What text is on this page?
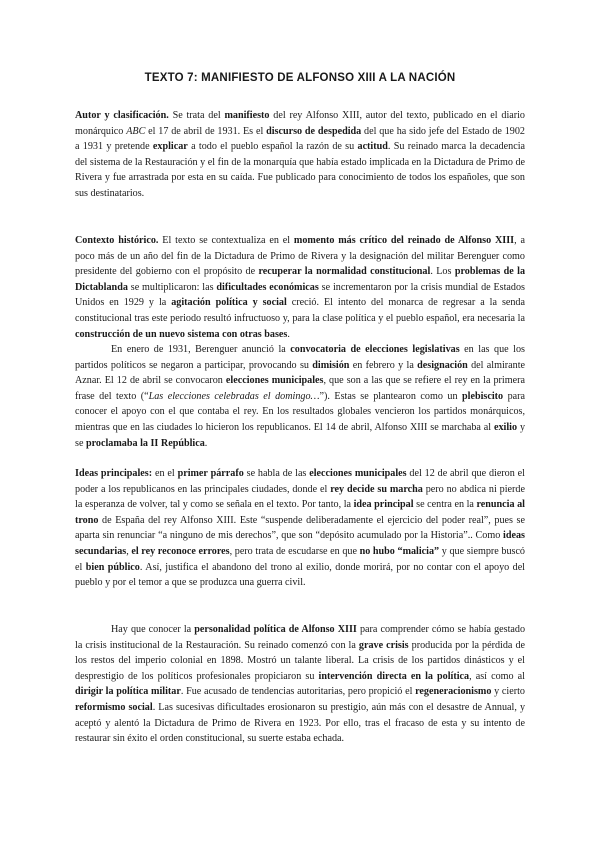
TEXTO 7: MANIFIESTO DE ALFONSO XIII A LA NACIÓN

Autor y clasificación. Se trata del manifiesto del rey Alfonso XIII, autor del texto, publicado en el diario monárquico ABC el 17 de abril de 1931. Es el discurso de despedida del que ha sido jefe del Estado de 1902 a 1931 y pretende explicar a todo el pueblo español la razón de su actitud. Su reinado marca la decadencia del sistema de la Restauración y el fin de la monarquía que había estado implicada en la Dictadura de Primo de Rivera y fue arrastrada por esta en su caída. Fue publicado para conocimiento de todos los españoles, que son sus destinatarios.

Contexto histórico. El texto se contextualiza en el momento más crítico del reinado de Alfonso XIII, a poco más de un año del fin de la Dictadura de Primo de Rivera y la designación del militar Berenguer como presidente del gobierno con el propósito de recuperar la normalidad constitucional. Los problemas de la Dictablanda se multiplicaron: las dificultades económicas se incrementaron por la crisis mundial de Estados Unidos en 1929 y la agitación política y social creció. El intento del monarca de regresar a la senda constitucional tras este periodo resultó infructuoso y, para la clase política y el pueblo español, era necesaria la construcción de un nuevo sistema con otras bases.

En enero de 1931, Berenguer anunció la convocatoria de elecciones legislativas en las que los partidos políticos se negaron a participar, provocando su dimisión en febrero y la designación del almirante Aznar. El 12 de abril se convocaron elecciones municipales, que son a las que se refiere el rey en la primera frase del texto (“Las elecciones celebradas el domingo…”). Estas se plantearon como un plebiscito para conocer el apoyo con el que contaba el rey. En los resultados globales vencieron los partidos monárquicos, mientras que en las ciudades lo hicieron los republicanos. El 14 de abril, Alfonso XIII se marchaba al exilio y se proclamaba la II República.

Ideas principales: en el primer párrafo se habla de las elecciones municipales del 12 de abril que dieron el poder a los republicanos en las principales ciudades, donde el rey decide su marcha pero no abdica ni pierde la esperanza de volver, tal y como se señala en el texto. Por tanto, la idea principal se centra en la renuncia al trono de España del rey Alfonso XIII. Este “suspende deliberadamente el ejercicio del poder real”, pues se aparta sin renunciar “a ninguno de mis derechos”, que son “depósito acumulado por la Historia”.. Como ideas secundarias, el rey reconoce errores, pero trata de escudarse en que no hubo “malicia” y que siempre buscó el bien público. Así, justifica el abandono del trono al exilio, donde morirá, por no contar con el apoyo del pueblo y por el temor a que se produzca una guerra civil.

Hay que conocer la personalidad política de Alfonso XIII para comprender cómo se había gestado la crisis institucional de la Restauración. Su reinado comenzó con la grave crisis producida por la pérdida de los restos del imperio colonial en 1898. Mostró un talante liberal. La crisis de los partidos dinásticos y el desprestigio de los políticos profesionales propiciaron su intervención directa en la política, así como al dirigir la política militar. Fue acusado de tendencias autoritarias, pero propició el regeneracionismo y cierto reformismo social. Las sucesivas dificultades erosionaron su prestigio, aún más con el desastre de Annual, y aceptó y alentó la Dictadura de Primo de Rivera en 1923. Por ello, tras el fracaso de esta y su intento de restaurar sin éxito el orden constitucional, su suerte estaba echada.
